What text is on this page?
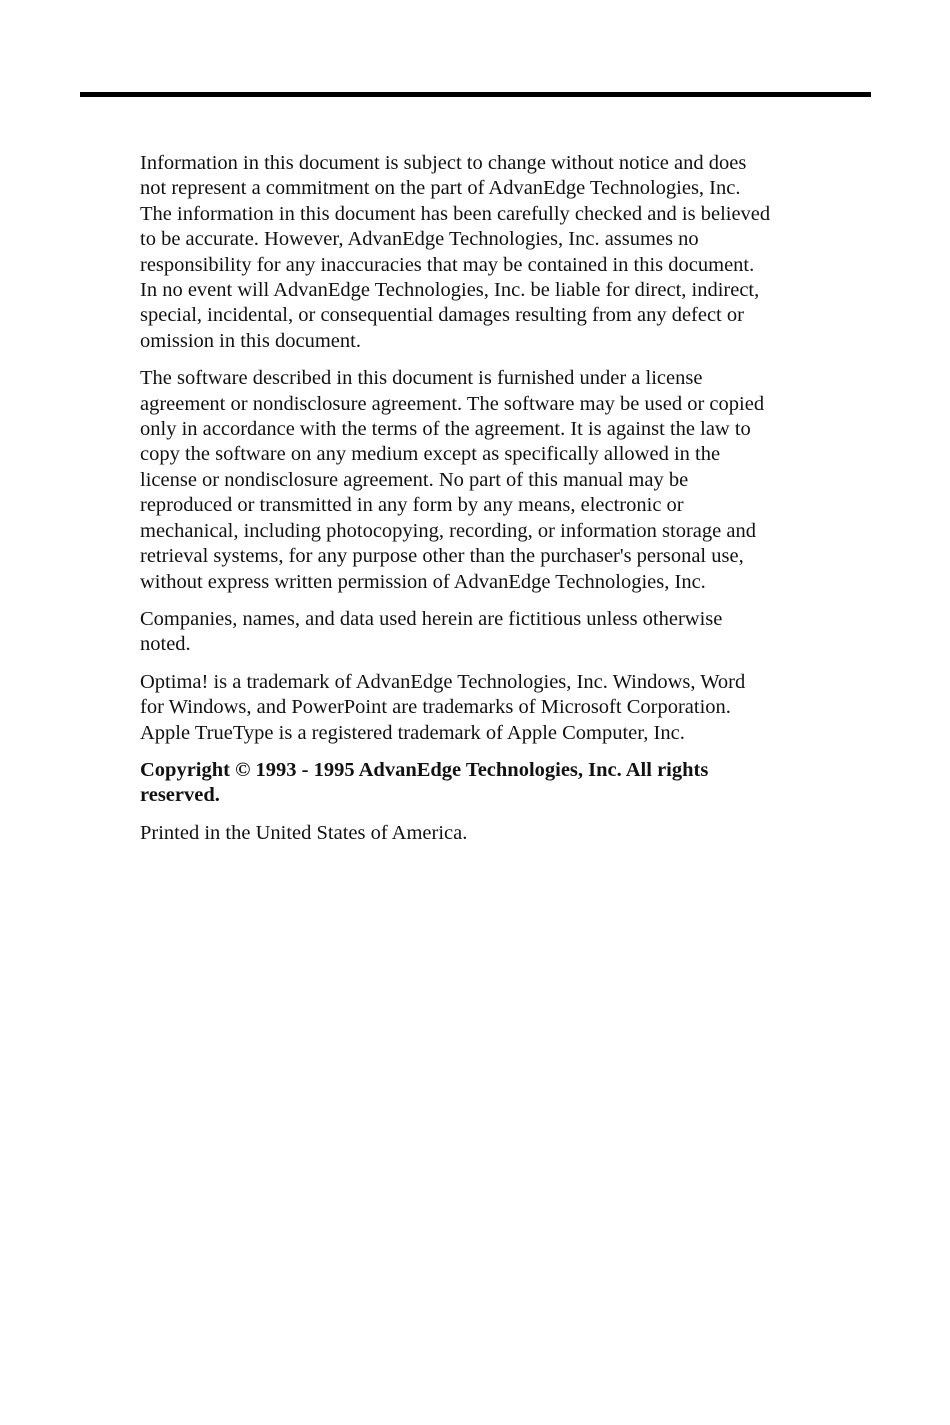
Information in this document is subject to change without notice and does
not represent a commitment on the part of AdvanEdge Technologies, Inc.
The information in this document has been carefully checked and is believed
to be accurate. However, AdvanEdge Technologies, Inc. assumes no
responsibility for any inaccuracies that may be contained in this document.
In no event will AdvanEdge Technologies, Inc. be liable for direct, indirect,
special, incidental, or consequential damages resulting from any defect or
omission in this document.

The software described in this document is furnished under a license
agreement or nondisclosure agreement. The software may be used or copied
only in accordance with the terms of the agreement. It is against the law to
copy the software on any medium except as specifically allowed in the
license or nondisclosure agreement. No part of this manual may be
reproduced or transmitted in any form by any means, electronic or
mechanical, including photocopying, recording, or information storage and
retrieval systems, for any purpose other than the purchaser's personal use,
without express written permission of AdvanEdge Technologies, Inc.

Companies, names, and data used herein are fictitious unless otherwise
noted.

Optima! is a trademark of AdvanEdge Technologies, Inc. Windows, Word
for Windows, and PowerPoint are trademarks of Microsoft Corporation.
Apple TrueType is a registered trademark of Apple Computer, Inc.

Copyright © 1993 - 1995 AdvanEdge Technologies, Inc. All rights
reserved.

Printed in the United States of America.
